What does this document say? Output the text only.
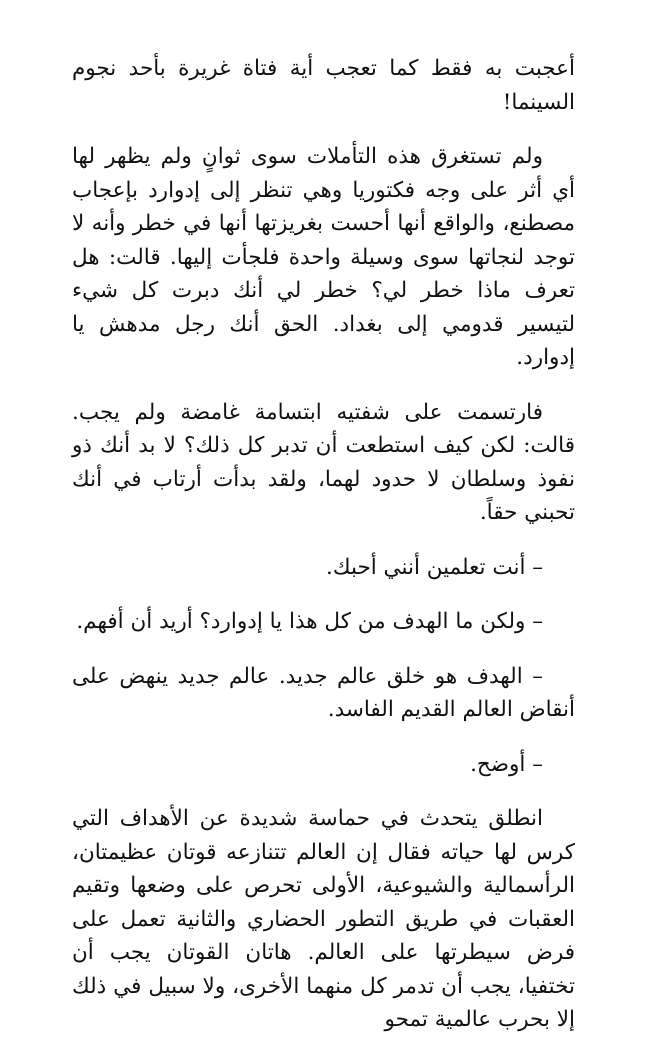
أعجبت به فقط كما تعجب أية فتاة غريرة بأحد نجوم السينما!

ولم تستغرق هذه التأملات سوى ثوانٍ ولم يظهر لها أي أثر على وجه فكتوريا وهي تنظر إلى إدوارد بإعجاب مصطنع، والواقع أنها أحست بغريزتها أنها في خطر وأنه لا توجد لنجاتها سوى وسيلة واحدة فلجأت إليها. قالت: هل تعرف ماذا خطر لي؟ خطر لي أنك دبرت كل شيء لتيسير قدومي إلى بغداد. الحق أنك رجل مدهش يا إدوارد.

فارتسمت على شفتيه ابتسامة غامضة ولم يجب. قالت: لكن كيف استطعت أن تدبر كل ذلك؟ لا بد أنك ذو نفوذ وسلطان لا حدود لهما، ولقد بدأت أرتاب في أنك تحبني حقاً.

– أنت تعلمين أنني أحبك.

– ولكن ما الهدف من كل هذا يا إدوارد؟ أريد أن أفهم.

– الهدف هو خلق عالم جديد. عالم جديد ينهض على أنقاض العالم القديم الفاسد.

– أوضح.

انطلق يتحدث في حماسة شديدة عن الأهداف التي كرس لها حياته فقال إن العالم تتنازعه قوتان عظيمتان، الرأسمالية والشيوعية، الأولى تحرص على وضعها وتقيم العقبات في طريق التطور الحضاري والثانية تعمل على فرض سيطرتها على العالم. هاتان القوتان يجب أن تختفيا، يجب أن تدمر كل منهما الأخرى، ولا سبيل في ذلك إلا بحرب عالمية تمحو
